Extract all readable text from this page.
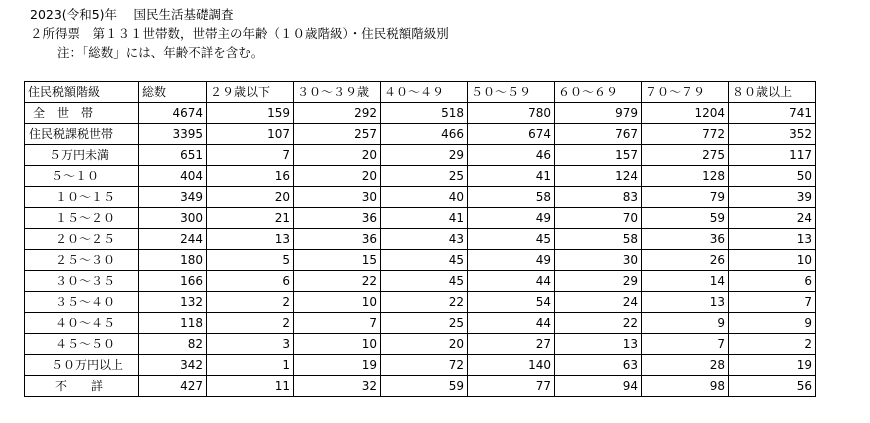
2023(令和5)年　 国民生活基礎調査
２所得票　第１３１世帯数，世帯主の年齢（１０歳階級）・住民税額階級別
注：「総数」には、年齢不詳を含む。
住民税額階級	総数	２９歳以下	３０～３９歳	４０～４９	５０～５９	６０～６９	７０～７９	８０歳以上
全　世　帯	4674	159	292	518	780	979	1204	741
住民税課税世帯	3395	107	257	466	674	767	772	352
５万円未満	651	7	20	29	46	157	275	117
５～１０	404	16	20	25	41	124	128	50
１０～１５	349	20	30	40	58	83	79	39
１５～２０	300	21	36	41	49	70	59	24
２０～２５	244	13	36	43	45	58	36	13
２５～３０	180	5	15	45	49	30	26	10
３０～３５	166	6	22	45	44	29	14	6
３５～４０	132	2	10	22	54	24	13	7
４０～４５	118	2	7	25	44	22	9	9
４５～５０	82	3	10	20	27	13	7	2
５０万円以上	342	1	19	72	140	63	28	19
不　　詳	427	11	32	59	77	94	98	56
